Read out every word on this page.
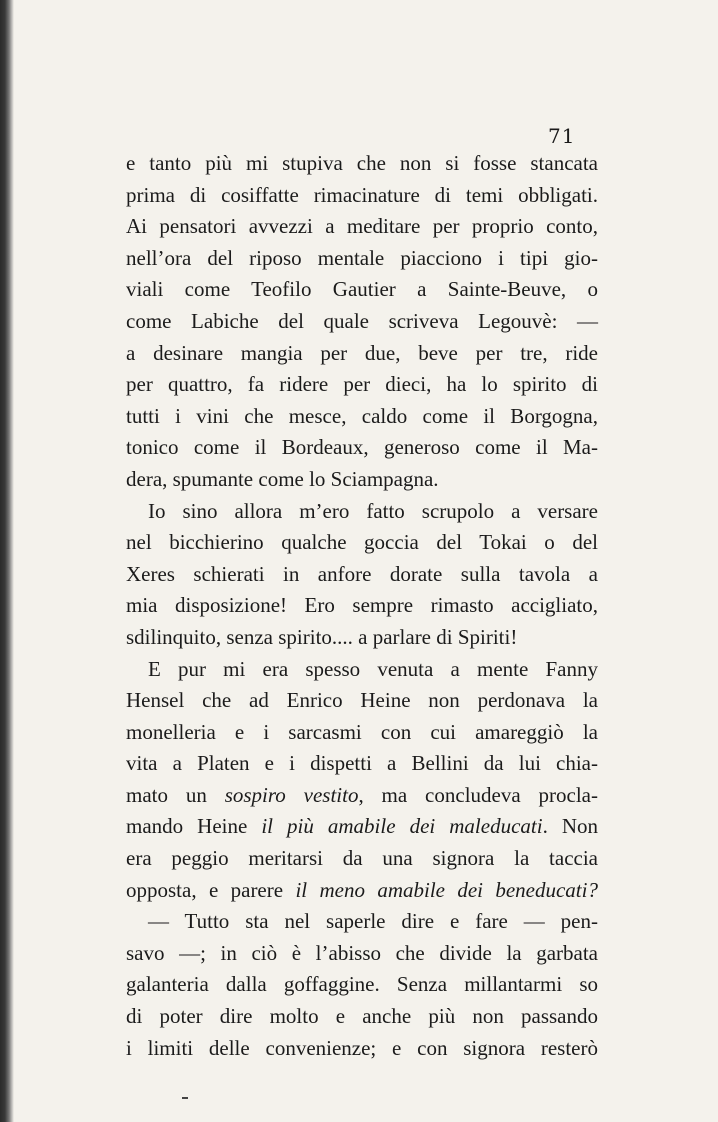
71
e tanto più mi stupiva che non si fosse stancata
prima di cosiffatte rimacinature di temi obbligati.
Ai pensatori avvezzi a meditare per proprio conto,
nell’ora del riposo mentale piacciono i tipi gio-
viali come Teofilo Gautier a Sainte-Beuve, o
come Labiche del quale scriveva Legouvè: —
a desinare mangia per due, beve per tre, ride
per quattro, fa ridere per dieci, ha lo spirito di
tutti i vini che mesce, caldo come il Borgogna,
tonico come il Bordeaux, generoso come il Ma-
dera, spumante come lo Sciampagna.
Io sino allora m’ero fatto scrupolo a versare
nel bicchierino qualche goccia del Tokai o del
Xeres schierati in anfore dorate sulla tavola a
mia disposizione! Ero sempre rimasto accigliato,
sdilinquito, senza spirito.... a parlare di Spiriti!
E pur mi era spesso venuta a mente Fanny
Hensel che ad Enrico Heine non perdonava la
monelleria e i sarcasmi con cui amareggiò la
vita a Platen e i dispetti a Bellini da lui chia-
mato un sospiro vestito, ma concludeva procla-
mando Heine il più amabile dei maleducati. Non
era peggio meritarsi da una signora la taccia
opposta, e parere il meno amabile dei beneducati?
— Tutto sta nel saperle dire e fare — pen-
savo —; in ciò è l’abisso che divide la garbata
galanteria dalla goffaggine. Senza millantarmi so
di poter dire molto e anche più non passando
i limiti delle convenienze; e con signora resterò
